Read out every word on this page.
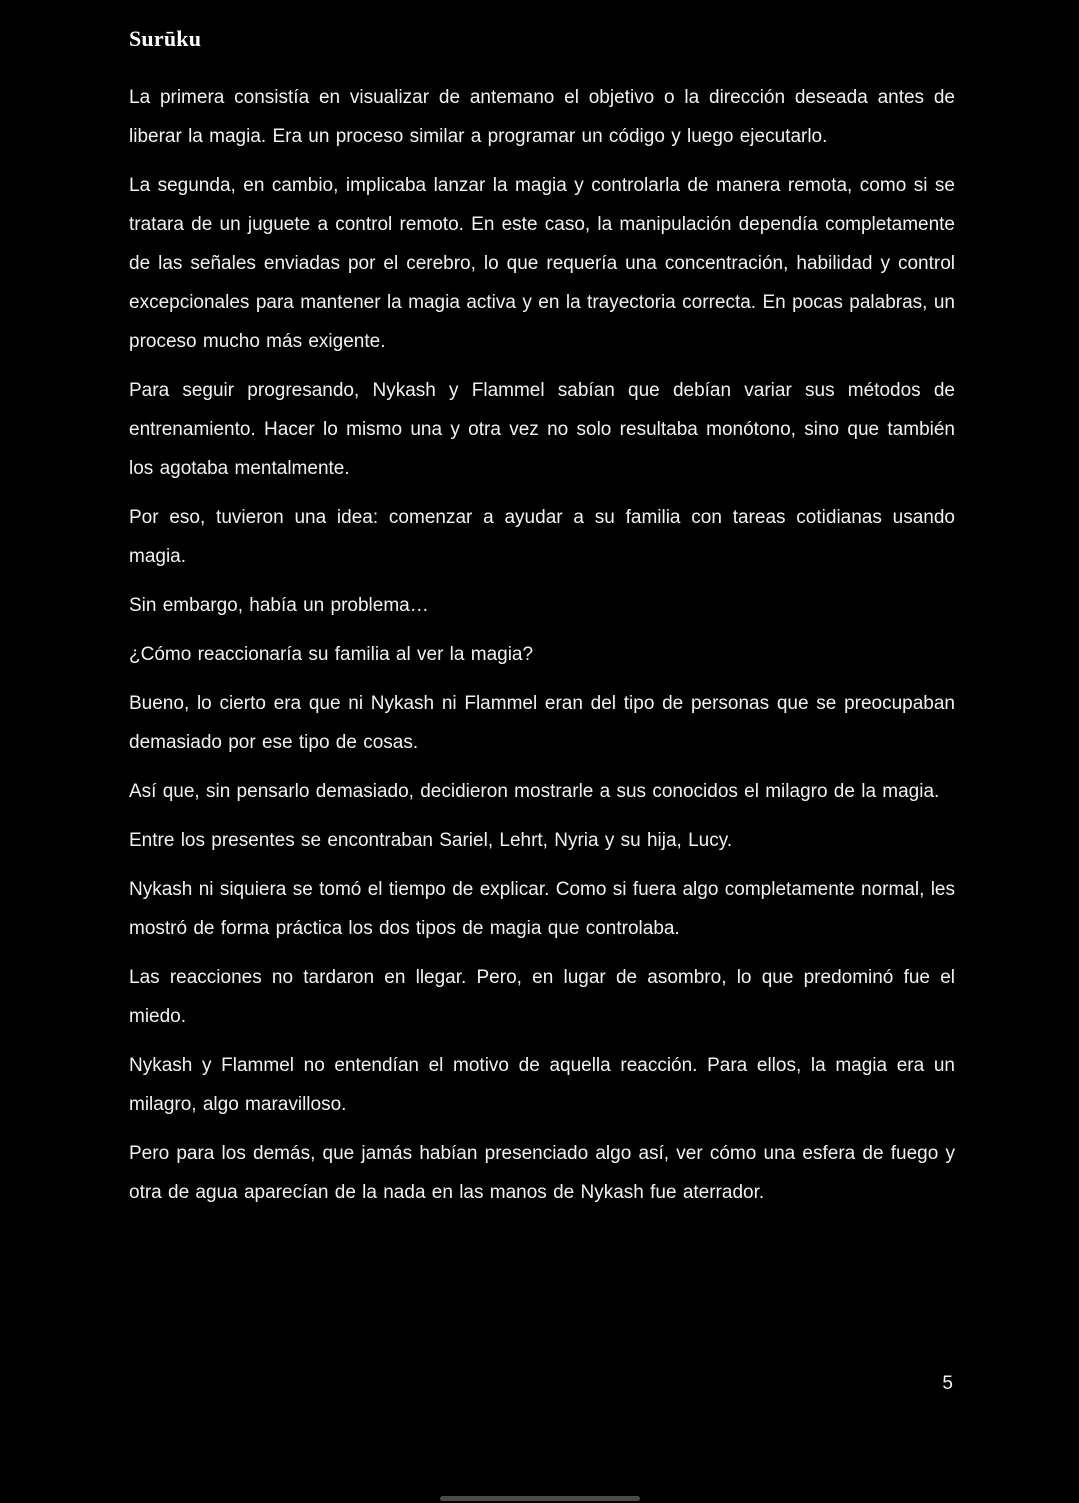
Surūku

La primera consistía en visualizar de antemano el objetivo o la dirección deseada antes de liberar la magia. Era un proceso similar a programar un código y luego ejecutarlo.

La segunda, en cambio, implicaba lanzar la magia y controlarla de manera remota, como si se tratara de un juguete a control remoto. En este caso, la manipulación dependía completamente de las señales enviadas por el cerebro, lo que requería una concentración, habilidad y control excepcionales para mantener la magia activa y en la trayectoria correcta. En pocas palabras, un proceso mucho más exigente.

Para seguir progresando, Nykash y Flammel sabían que debían variar sus métodos de entrenamiento. Hacer lo mismo una y otra vez no solo resultaba monótono, sino que también los agotaba mentalmente.

Por eso, tuvieron una idea: comenzar a ayudar a su familia con tareas cotidianas usando magia.

Sin embargo, había un problema…

¿Cómo reaccionaría su familia al ver la magia?

Bueno, lo cierto era que ni Nykash ni Flammel eran del tipo de personas que se preocupaban demasiado por ese tipo de cosas.

Así que, sin pensarlo demasiado, decidieron mostrarle a sus conocidos el milagro de la magia.

Entre los presentes se encontraban Sariel, Lehrt, Nyria y su hija, Lucy.

Nykash ni siquiera se tomó el tiempo de explicar. Como si fuera algo completamente normal, les mostró de forma práctica los dos tipos de magia que controlaba.

Las reacciones no tardaron en llegar. Pero, en lugar de asombro, lo que predominó fue el miedo.

Nykash y Flammel no entendían el motivo de aquella reacción. Para ellos, la magia era un milagro, algo maravilloso.

Pero para los demás, que jamás habían presenciado algo así, ver cómo una esfera de fuego y otra de agua aparecían de la nada en las manos de Nykash fue aterrador.

5
